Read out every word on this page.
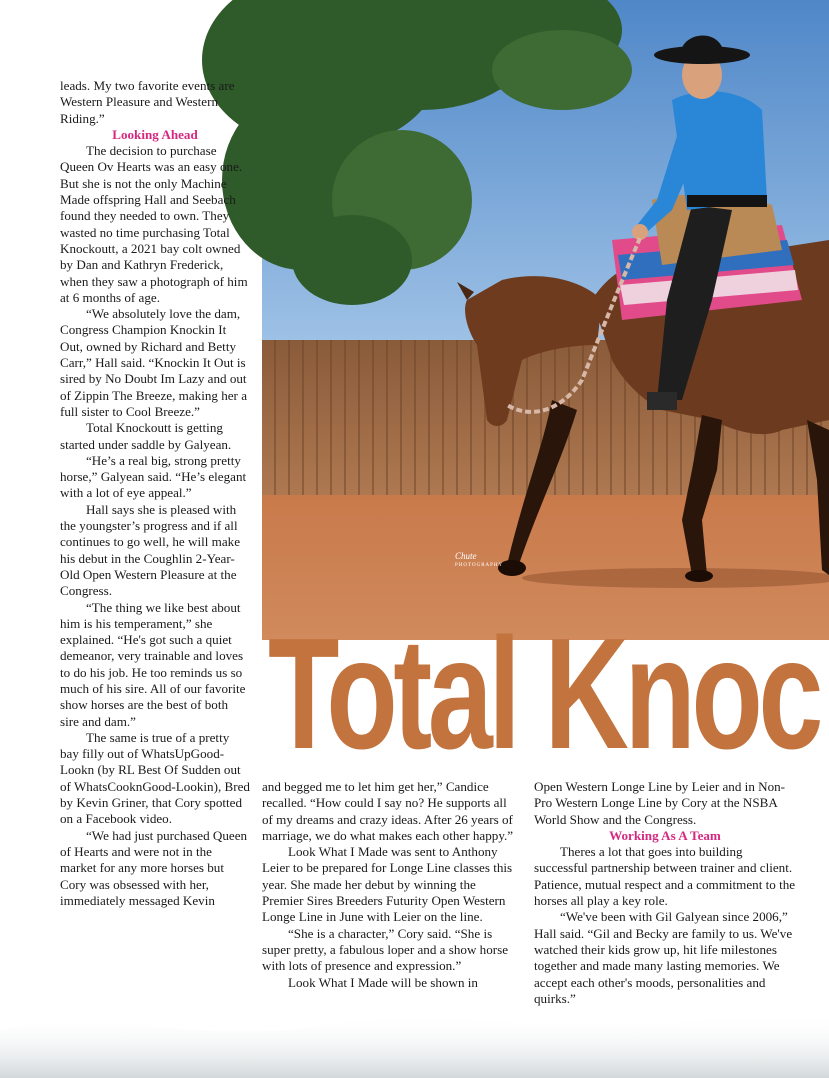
Chute
PHOTOGRAPHY
Total Knoc

leads. My two favorite events are Western Pleasure and Western Riding.”

Looking Ahead

The decision to purchase Queen Ov Hearts was an easy one. But she is not the only Machine Made offspring Hall and Seebach found they needed to own. They wasted no time purchasing Total Knockoutt, a 2021 bay colt owned by Dan and Kathryn Frederick, when they saw a photograph of him at 6 months of age.

“We absolutely love the dam, Congress Champion Knockin It Out, owned by Richard and Betty Carr,” Hall said. “Knockin It Out is sired by No Doubt Im Lazy and out of Zippin The Breeze, making her a full sister to Cool Breeze.”

Total Knockoutt is getting started under saddle by Galyean.

“He’s a real big, strong pretty horse,” Galyean said. “He’s elegant with a lot of eye appeal.”

Hall says she is pleased with the youngster’s progress and if all continues to go well, he will make his debut in the Coughlin 2-Year-Old Open Western Pleasure at the Congress.

“The thing we like best about him is his temperament,” she explained. “He's got such a quiet demeanor, very trainable and loves to do his job. He too reminds us so much of his sire. All of our favorite show horses are the best of both sire and dam.”

The same is true of a pretty bay filly out of WhatsUpGood-Lookn (by RL Best Of Sudden out of WhatsCooknGood-Lookin), Bred by Kevin Griner, that Cory spotted on a Facebook video.

“We had just purchased Queen of Hearts and were not in the market for any more horses but Cory was obsessed with her, immediately messaged Kevin

and begged me to let him get her,” Candice recalled. “How could I say no? He supports all of my dreams and crazy ideas. After 26 years of marriage, we do what makes each other happy.”

Look What I Made was sent to Anthony Leier to be prepared for Longe Line classes this year. She made her debut by winning the Premier Sires Breeders Futurity Open Western Longe Line in June with Leier on the line.

“She is a character,” Cory said. “She is super pretty, a fabulous loper and a show horse with lots of presence and expression.”

Look What I Made will be shown in

Open Western Longe Line by Leier and in Non-Pro Western Longe Line by Cory at the NSBA World Show and the Congress.

Working As A Team

Theres a lot that goes into building successful partnership between trainer and client. Patience, mutual respect and a commitment to the horses all play a key role.

“We've been with Gil Galyean since 2006,” Hall said. “Gil and Becky are family to us. We've watched their kids grow up, hit life milestones together and made many lasting memories. We accept each other's moods, personalities and quirks.”
